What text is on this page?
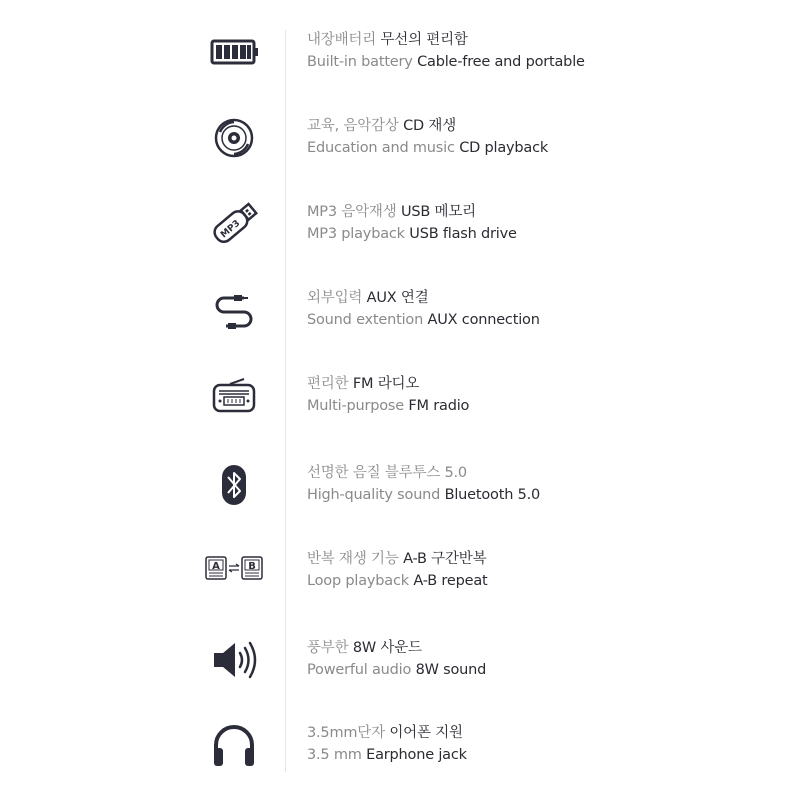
내장배터리 무선의 편리함
Built-in battery Cable-free and portable
교육, 음악감상 CD 재생
Education and music CD playback
MP3
MP3 음악재생 USB 메모리
MP3 playback USB flash drive
외부입력 AUX 연결
Sound extention AUX connection
편리한 FM 라디오
Multi-purpose FM radio
선명한 음질 블루투스 5.0
High-quality sound Bluetooth 5.0
A	B	반복 재생 기능 A-B 구간반복
Loop playback A-B repeat
풍부한 8W 사운드
Powerful audio 8W sound
3.5mm단자 이어폰 지원
3.5 mm Earphone jack
